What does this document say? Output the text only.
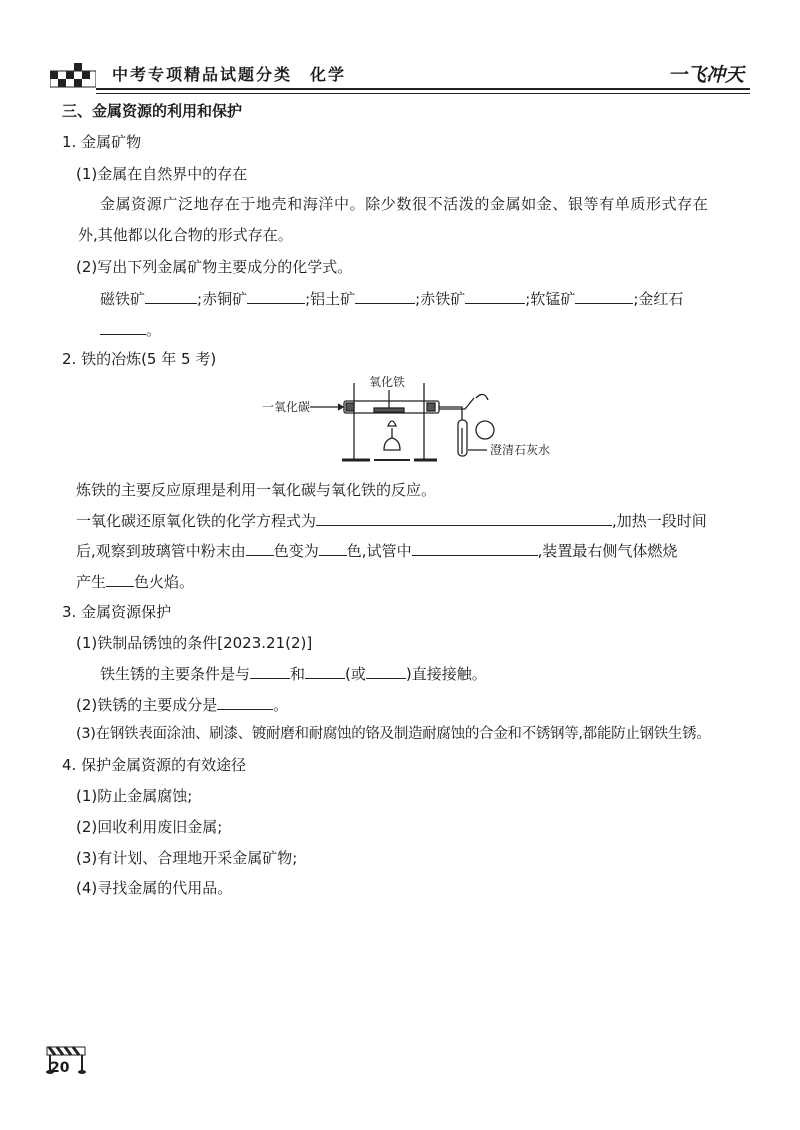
中考专项精品试题分类　化学	一飞冲天
三、金属资源的利用和保护
1. 金属矿物
(1)金属在自然界中的存在
金属资源广泛地存在于地壳和海洋中。除少数很不活泼的金属如金、银等有单质形式存在
外,其他都以化合物的形式存在。
(2)写出下列金属矿物主要成分的化学式。
磁铁矿	;赤铜矿	;铝土矿	;赤铁矿	;软锰矿	;金红石
。
2. 铁的冶炼(5 年 5 考)
一氧化碳
氧化铁
澄清石灰水
炼铁的主要反应原理是利用一氧化碳与氧化铁的反应。
一氧化碳还原氧化铁的化学方程式为	,加热一段时间
后,观察到玻璃管中粉末由 色变为 色,试管中	,装置最右侧气体燃烧
产生 色火焰。
3. 金属资源保护
(1)铁制品锈蚀的条件[2023.21(2)]
铁生锈的主要条件是与	和	(或	)直接接触。
(2)铁锈的主要成分是	。
(3)在钢铁表面涂油、刷漆、镀耐磨和耐腐蚀的铬及制造耐腐蚀的合金和不锈钢等,都能防止钢铁生锈。
4. 保护金属资源的有效途径
(1)防止金属腐蚀;
(2)回收利用废旧金属;
(3)有计划、合理地开采金属矿物;
(4)寻找金属的代用品。
20
